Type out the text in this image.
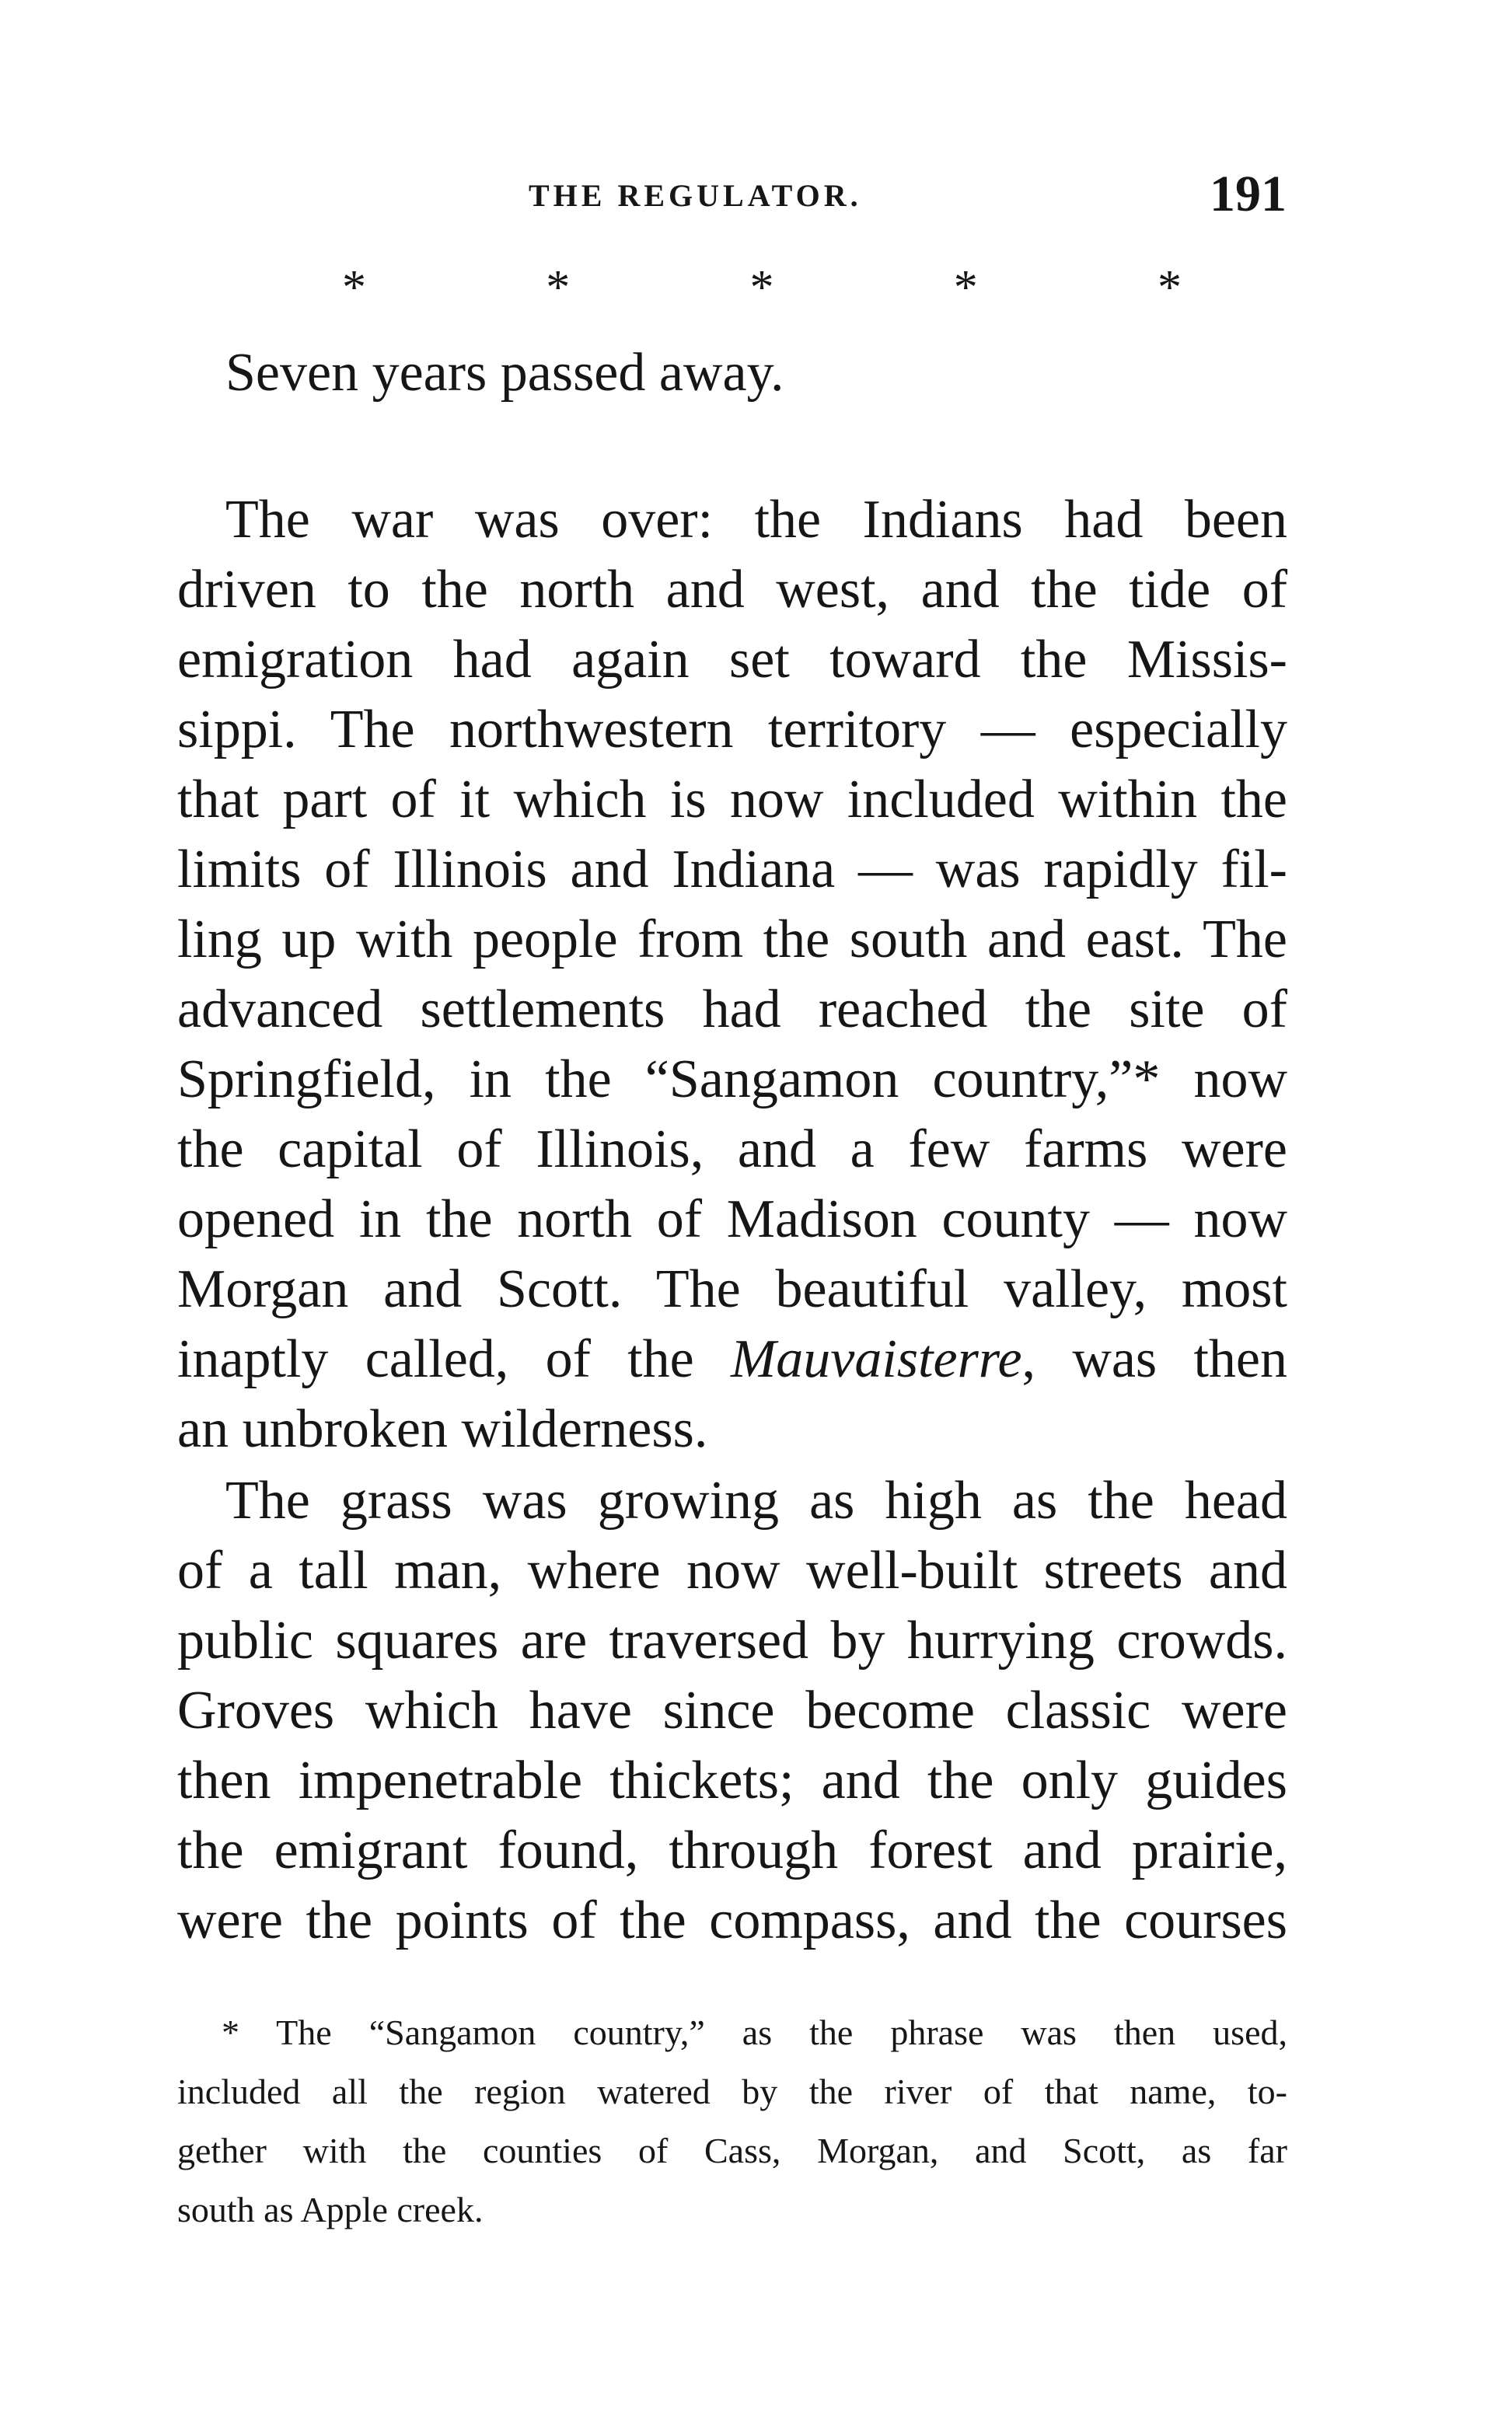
THE REGULATOR.	191
*	*	*	*	*
Seven years passed away.
The war was over: the Indians had been
driven to the north and west, and the tide of
emigration had again set toward the Missis-
sippi. The northwestern territory — especially
that part of it which is now included within the
limits of Illinois and Indiana — was rapidly fil-
ling up with people from the south and east. The
advanced settlements had reached the site of
Springfield, in the “Sangamon country,”* now
the capital of Illinois, and a few farms were
opened in the north of Madison county — now
Morgan and Scott. The beautiful valley, most
inaptly called, of the Mauvaisterre, was then
an unbroken wilderness.
The grass was growing as high as the head
of a tall man, where now well-built streets and
public squares are traversed by hurrying crowds.
Groves which have since become classic were
then impenetrable thickets; and the only guides
the emigrant found, through forest and prairie,
were the points of the compass, and the courses
* The “Sangamon country,” as the phrase was then used,
included all the region watered by the river of that name, to-
gether with the counties of Cass, Morgan, and Scott, as far
south as Apple creek.
